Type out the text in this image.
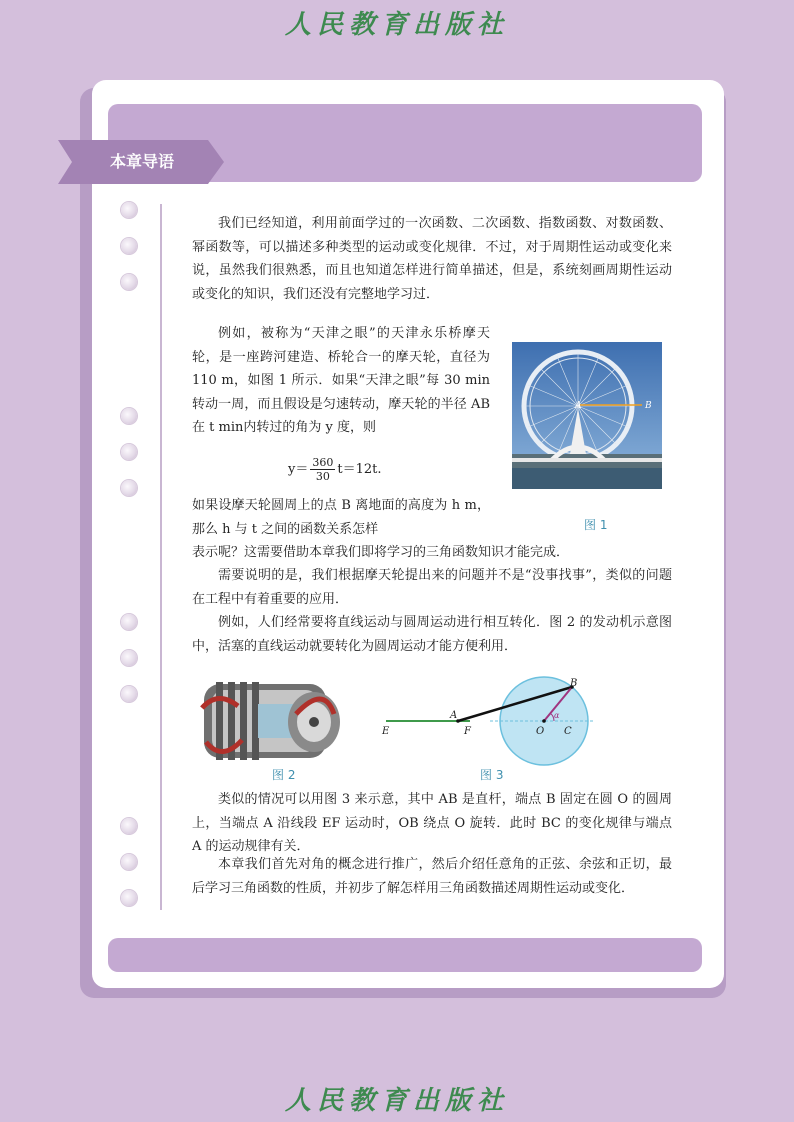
人民教育出版社
本章导语
我们已经知道，利用前面学过的一次函数、二次函数、指数函数、对数函数、幂函数等，可以描述多种类型的运动或变化规律．不过，对于周期性运动或变化来说，虽然我们很熟悉，而且也知道怎样进行简单描述，但是，系统刻画周期性运动或变化的知识，我们还没有完整地学习过．
例如，被称为“天津之眼”的天津永乐桥摩天轮，是一座跨河建造、桥轮合一的摩天轮，直径为 110 m，如图 1 所示．如果“天津之眼”每 30 min 转动一周，而且假设是匀速转动，摩天轮的半径 AB 在 t min内转过的角为 y 度，则
$y= \frac{360}{30} t=12t$.
如果设摩天轮圆周上的点 B 离地面的高度为 h m，那么 h 与 t 之间的函数关系怎样
表示呢？这需要借助本章我们即将学习的三角函数知识才能完成．
需要说明的是，我们根据摩天轮提出来的问题并不是“没事找事”，类似的问题在工程中有着重要的应用．
例如，人们经常要将直线运动与圆周运动进行相互转化．图 2 的发动机示意图中，活塞的直线运动就要转化为圆周运动才能方便利用．
A	B
图 1
图 2
E	F
A
B
O C
α
图 3
类似的情况可以用图 3 来示意，其中 AB 是直杆，端点 B 固定在圆 O 的圆周上，当端点 A 沿线段 EF 运动时，OB 绕点 O 旋转．此时 BC 的变化规律与端点 A 的运动规律有关．
本章我们首先对角的概念进行推广，然后介绍任意角的正弦、余弦和正切，最后学习三角函数的性质，并初步了解怎样用三角函数描述周期性运动或变化．
人民教育出版社
